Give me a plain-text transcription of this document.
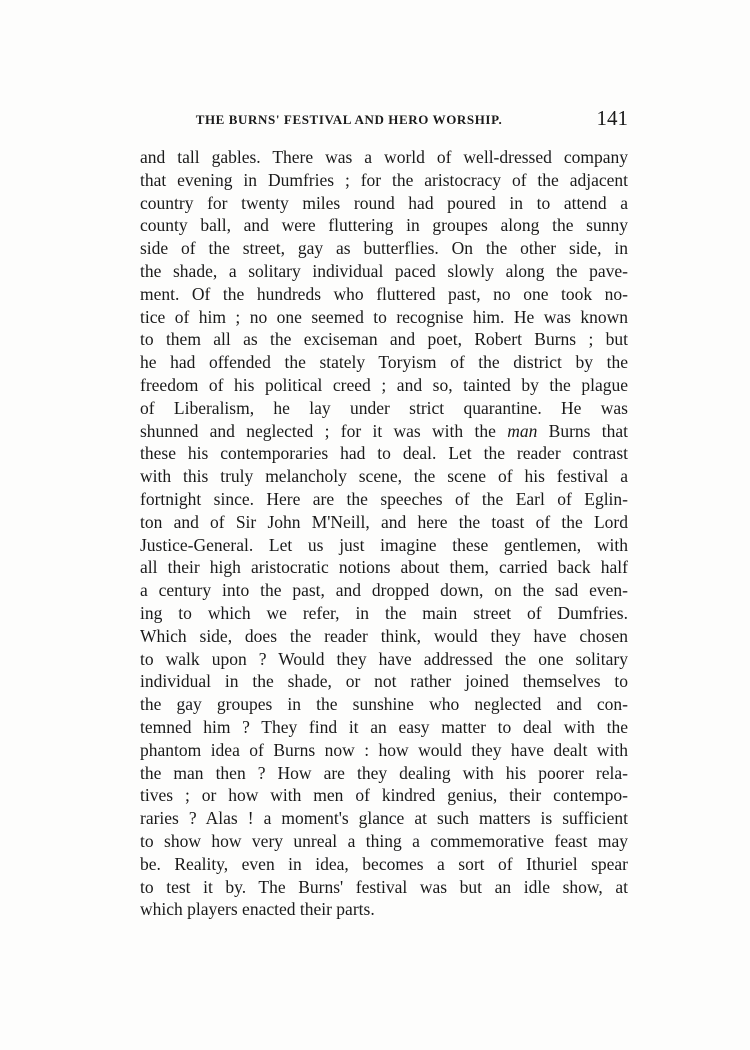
THE BURNS' FESTIVAL AND HERO WORSHIP.	141
and tall gables. There was a world of well-dressed company
that evening in Dumfries ; for the aristocracy of the adjacent
country for twenty miles round had poured in to attend a
county ball, and were fluttering in groupes along the sunny
side of the street, gay as butterflies. On the other side, in
the shade, a solitary individual paced slowly along the pave-
ment. Of the hundreds who fluttered past, no one took no-
tice of him ; no one seemed to recognise him. He was known
to them all as the exciseman and poet, Robert Burns ; but
he had offended the stately Toryism of the district by the
freedom of his political creed ; and so, tainted by the plague
of Liberalism, he lay under strict quarantine. He was
shunned and neglected ; for it was with the man Burns that
these his contemporaries had to deal. Let the reader contrast
with this truly melancholy scene, the scene of his festival a
fortnight since. Here are the speeches of the Earl of Eglin-
ton and of Sir John M'Neill, and here the toast of the Lord
Justice-General. Let us just imagine these gentlemen, with
all their high aristocratic notions about them, carried back half
a century into the past, and dropped down, on the sad even-
ing to which we refer, in the main street of Dumfries.
Which side, does the reader think, would they have chosen
to walk upon ? Would they have addressed the one solitary
individual in the shade, or not rather joined themselves to
the gay groupes in the sunshine who neglected and con-
temned him ? They find it an easy matter to deal with the
phantom idea of Burns now : how would they have dealt with
the man then ? How are they dealing with his poorer rela-
tives ; or how with men of kindred genius, their contempo-
raries ? Alas ! a moment's glance at such matters is sufficient
to show how very unreal a thing a commemorative feast may
be. Reality, even in idea, becomes a sort of Ithuriel spear
to test it by. The Burns' festival was but an idle show, at
which players enacted their parts.
